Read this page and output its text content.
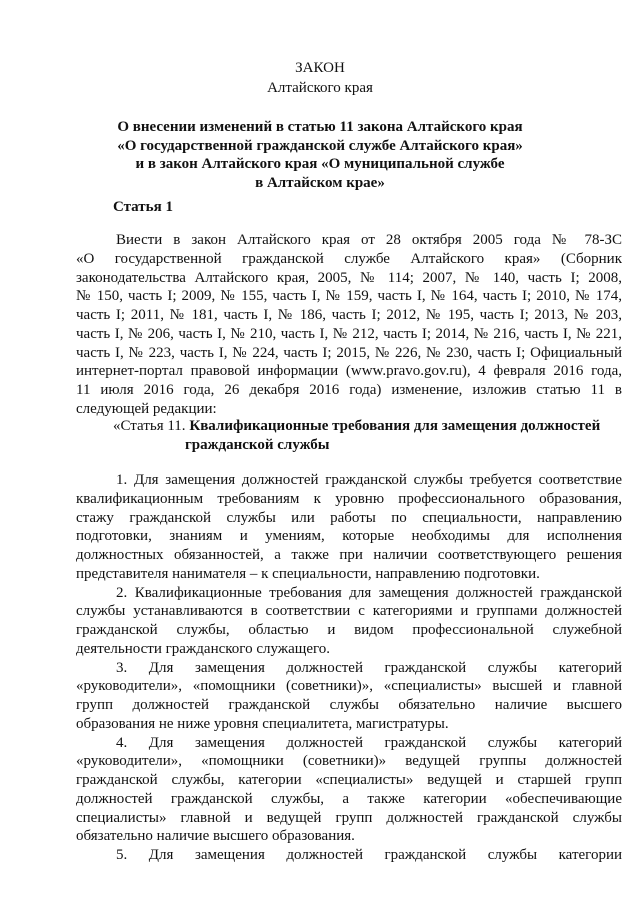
ЗАКОН
Алтайского края
О внесении изменений в статью 11 закона Алтайского края
«О государственной гражданской службе Алтайского края»
и в закон Алтайского края «О муниципальной службе
в Алтайском крае»
Статья 1
Виести в закон Алтайского края от 28 октября 2005 года № 78-ЗС
«О государственной гражданской службе Алтайского края» (Сборник
законодательства Алтайского края, 2005, № 114; 2007, № 140, часть I; 2008,
№ 150, часть I; 2009, № 155, часть I, № 159, часть I, № 164, часть I; 2010, № 174,
часть I; 2011, № 181, часть I, № 186, часть I; 2012, № 195, часть I; 2013, № 203,
часть I, № 206, часть I, № 210, часть I, № 212, часть I; 2014, № 216, часть I, № 221,
часть I, № 223, часть I, № 224, часть I; 2015, № 226, № 230, часть I; Официальный
интернет-портал правовой информации (www.pravo.gov.ru), 4 февраля 2016 года,
11 июля 2016 года, 26 декабря 2016 года) изменение, изложив статью 11 в
следующей редакции:
«Статья 11. Квалификационные требования для замещения должностей
гражданской службы
1. Для замещения должностей гражданской службы требуется соответствие
квалификационным требованиям к уровню профессионального образования,
стажу гражданской службы или работы по специальности, направлению
подготовки, знаниям и умениям, которые необходимы для исполнения
должностных обязанностей, а также при наличии соответствующего решения
представителя нанимателя – к специальности, направлению подготовки.
2. Квалификационные требования для замещения должностей гражданской
службы устанавливаются в соответствии с категориями и группами должностей
гражданской службы, областью и видом профессиональной служебной
деятельности гражданского служащего.
3. Для замещения должностей гражданской службы категорий
«руководители», «помощники (советники)», «специалисты» высшей и главной
групп должностей гражданской службы обязательно наличие высшего
образования не ниже уровня специалитета, магистратуры.
4. Для замещения должностей гражданской службы категорий
«руководители», «помощники (советники)» ведущей группы должностей
гражданской службы, категории «специалисты» ведущей и старшей групп
должностей гражданской службы, а также категории «обеспечивающие
специалисты» главной и ведущей групп должностей гражданской службы
обязательно наличие высшего образования.
5. Для замещения должностей гражданской службы категории
